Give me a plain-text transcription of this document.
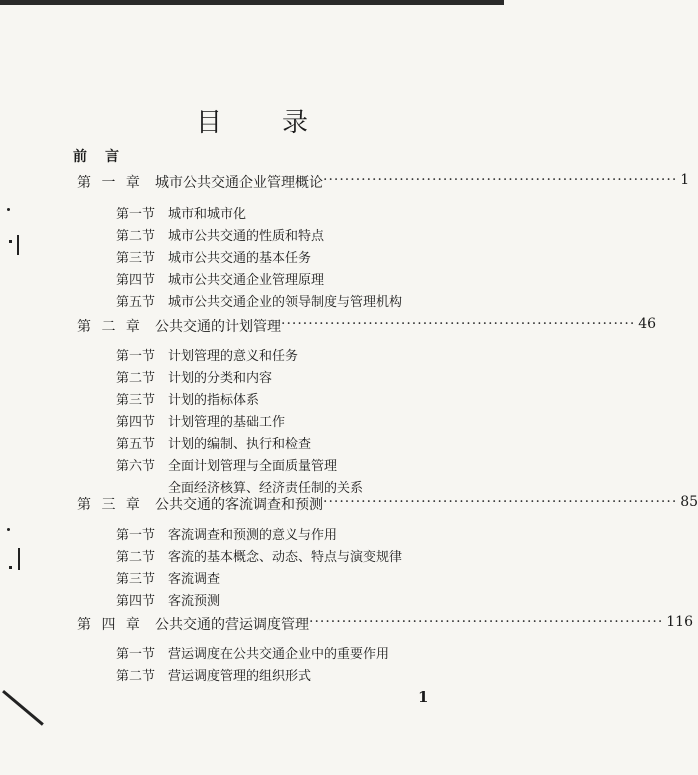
目录
前言
第 一 章 城市公共交通企业管理概论 ································································· 1
第一节 城市和城市化
第二节 城市公共交通的性质和特点
第三节 城市公共交通的基本任务
第四节 城市公共交通企业管理原理
第五节 城市公共交通企业的领导制度与管理机构
第 二 章 公共交通的计划管理 ································································· 46
第一节 计划管理的意义和任务
第二节 计划的分类和内容
第三节 计划的指标体系
第四节 计划管理的基础工作
第五节 计划的编制、执行和检查
第六节 全面计划管理与全面质量管理
全面经济核算、经济责任制的关系
第 三 章 公共交通的客流调查和预测 ································································· 85
第一节 客流调查和预测的意义与作用
第二节 客流的基本概念、动态、特点与演变规律
第三节 客流调查
第四节 客流预测
第 四 章 公共交通的营运调度管理 ································································· 116
第一节 营运调度在公共交通企业中的重要作用
第二节 营运调度管理的组织形式
1
